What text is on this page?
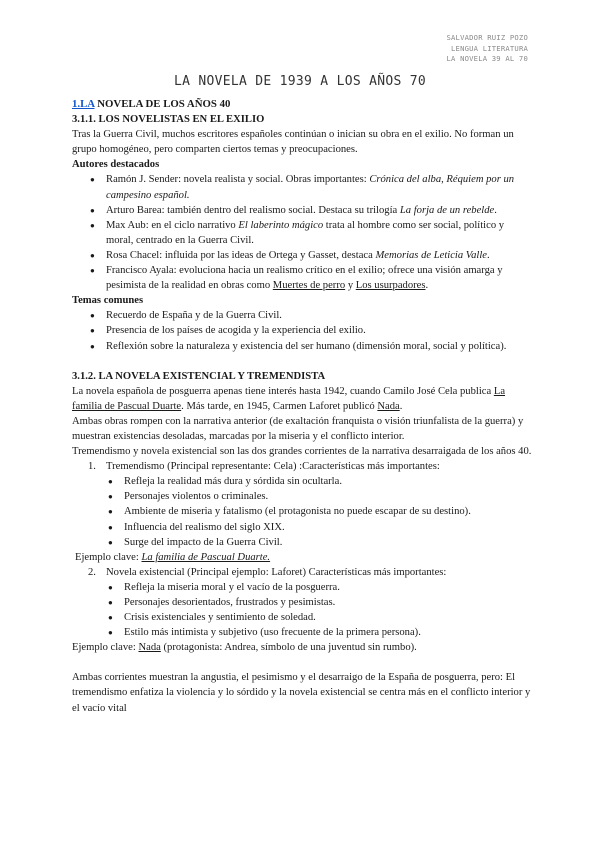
SALVADOR RUIZ POZO
LENGUA LITERATURA
LA NOVELA 39 AL 70
LA NOVELA DE 1939 A LOS AÑOS 70

1.LA NOVELA DE LOS AÑOS 40

3.1.1. LOS NOVELISTAS EN EL EXILIO

Tras la Guerra Civil, muchos escritores españoles continúan o inician su obra en el exilio. No forman un grupo homogéneo, pero comparten ciertos temas y preocupaciones.

Autores destacados

● Ramón J. Sender: novela realista y social. Obras importantes: Crónica del alba, Réquiem por un campesino español.
● Arturo Barea: también dentro del realismo social. Destaca su trilogía La forja de un rebelde.
● Max Aub: en el ciclo narrativo El laberinto mágico trata al hombre como ser social, político y moral, centrado en la Guerra Civil.
● Rosa Chacel: influida por las ideas de Ortega y Gasset, destaca Memorias de Leticia Valle.
● Francisco Ayala: evoluciona hacia un realismo crítico en el exilio; ofrece una visión amarga y pesimista de la realidad en obras como Muertes de perro y Los usurpadores.

Temas comunes

● Recuerdo de España y de la Guerra Civil.
● Presencia de los países de acogida y la experiencia del exilio.
● Reflexión sobre la naturaleza y existencia del ser humano (dimensión moral, social y política).

3.1.2. LA NOVELA EXISTENCIAL Y TREMENDISTA

La novela española de posguerra apenas tiene interés hasta 1942, cuando Camilo José Cela publica La familia de Pascual Duarte. Más tarde, en 1945, Carmen Laforet publicó Nada.

Ambas obras rompen con la narrativa anterior (de exaltación franquista o visión triunfalista de la guerra) y muestran existencias desoladas, marcadas por la miseria y el conflicto interior.

Tremendismo y novela existencial son las dos grandes corrientes de la narrativa desarraigada de los años 40.

1. Tremendismo (Principal representante: Cela) :Características más importantes:

● Refleja la realidad más dura y sórdida sin ocultarla.
● Personajes violentos o criminales.
● Ambiente de miseria y fatalismo (el protagonista no puede escapar de su destino).
● Influencia del realismo del siglo XIX.
● Surge del impacto de la Guerra Civil.

Ejemplo clave: La familia de Pascual Duarte.

2. Novela existencial (Principal ejemplo: Laforet) Características más importantes:

● Refleja la miseria moral y el vacío de la posguerra.
● Personajes desorientados, frustrados y pesimistas.
● Crisis existenciales y sentimiento de soledad.
● Estilo más intimista y subjetivo (uso frecuente de la primera persona).

Ejemplo clave: Nada (protagonista: Andrea, símbolo de una juventud sin rumbo).

Ambas corrientes muestran la angustia, el pesimismo y el desarraigo de la España de posguerra, pero: El tremendismo enfatiza la violencia y lo sórdido y la novela existencial se centra más en el conflicto interior y el vacío vital
